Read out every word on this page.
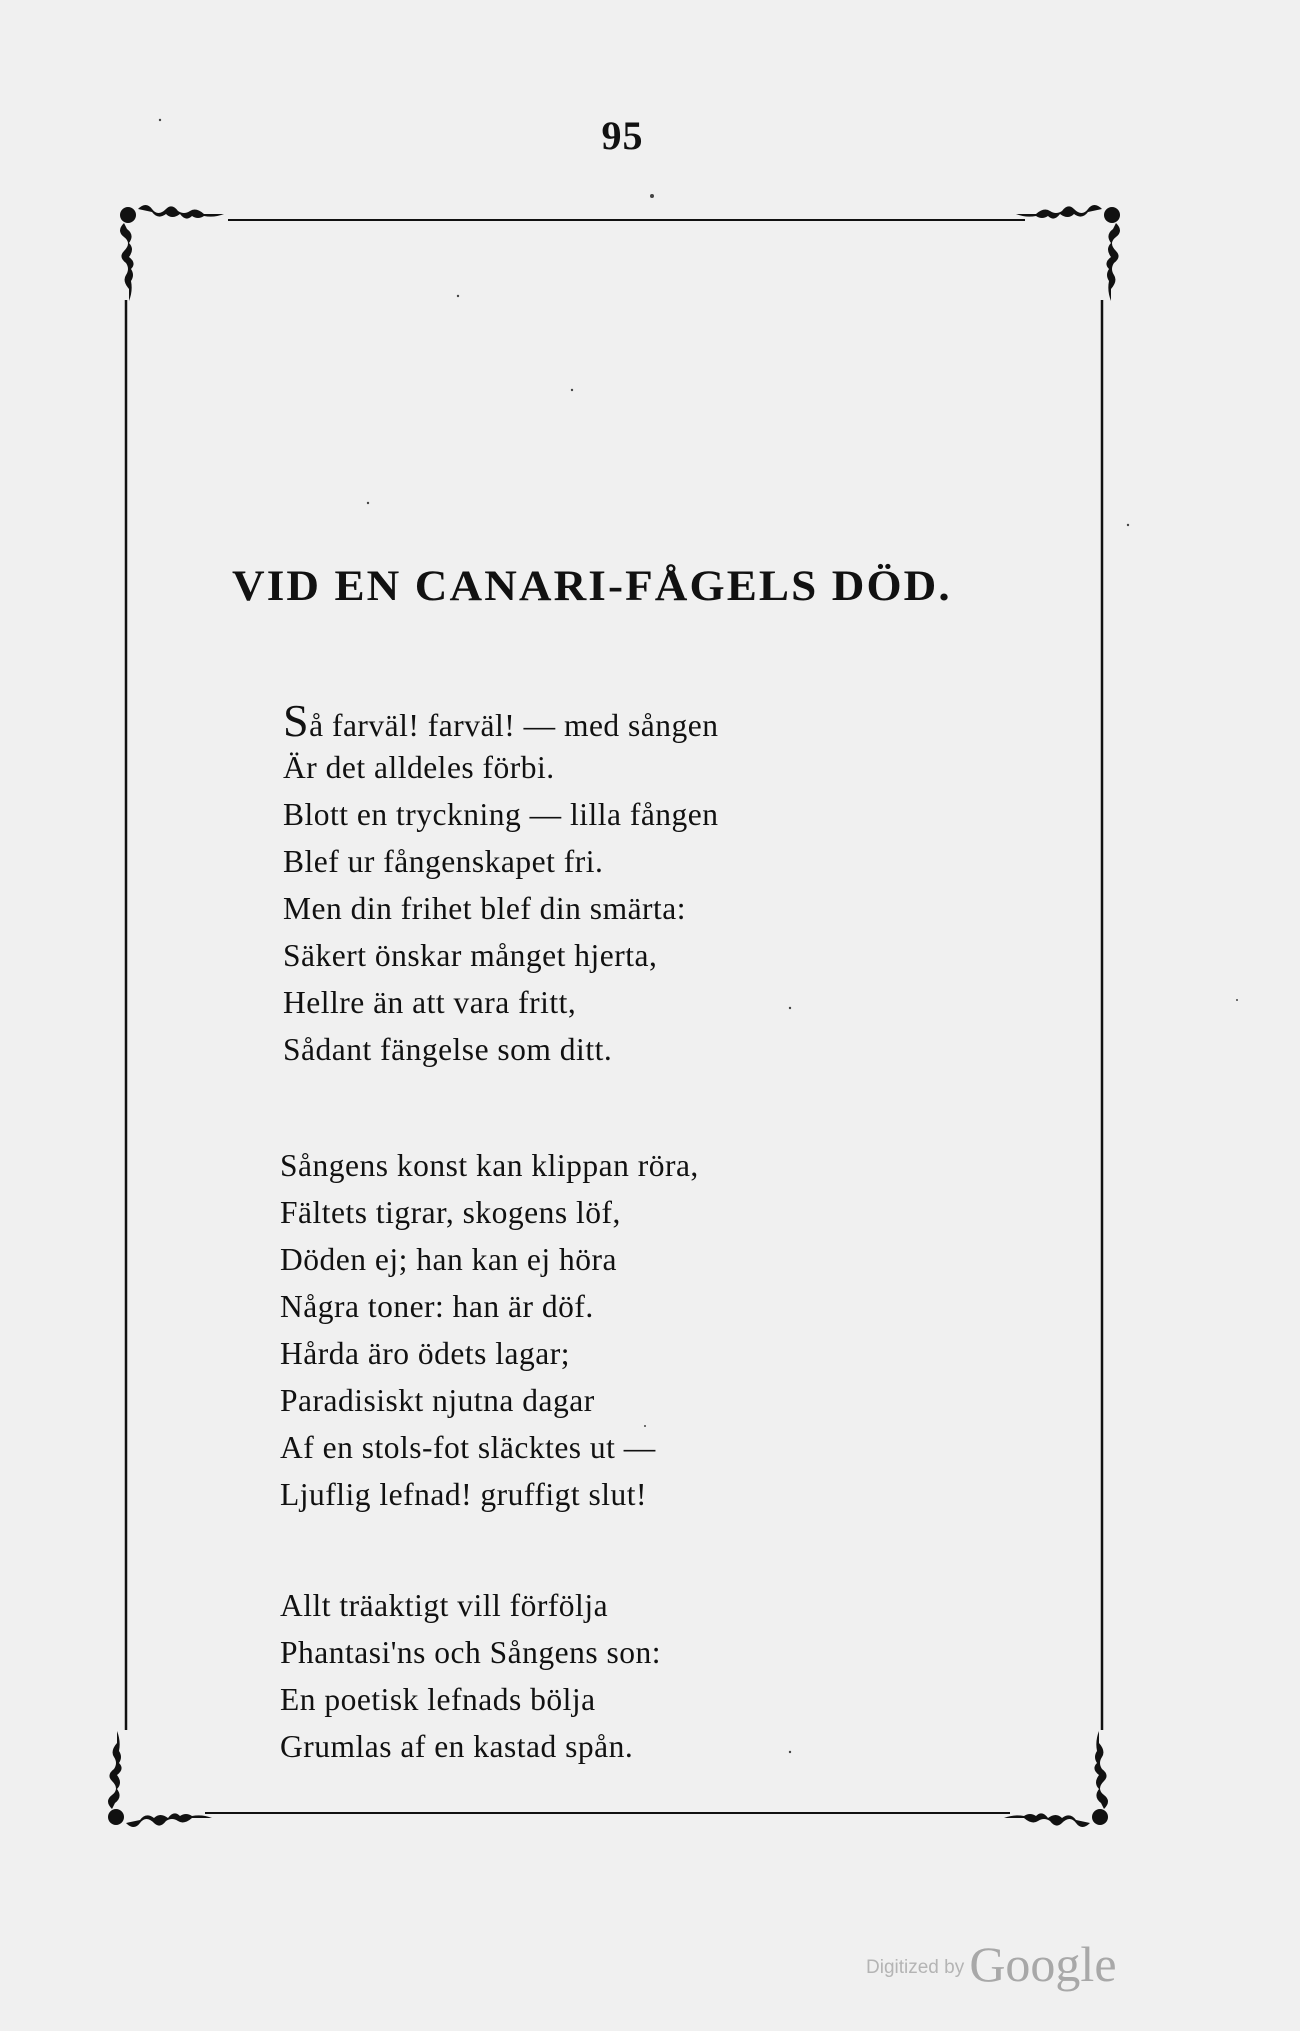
95
VID EN CANARI-FÅGELS DÖD.
Så farväl! farväl! — med sången
Är det alldeles förbi.
Blott en tryckning — lilla fången
Blef ur fångenskapet fri.
Men din frihet blef din smärta:
Säkert önskar månget hjerta,
Hellre än att vara fritt,
Sådant fängelse som ditt.
Sångens konst kan klippan röra,
Fältets tigrar, skogens löf,
Döden ej; han kan ej höra
Några toner: han är döf.
Hårda äro ödets lagar;
Paradisiskt njutna dagar
Af en stols-fot släcktes ut —
Ljuflig lefnad! gruffigt slut!
Allt träaktigt vill förfölja
Phantasi'ns och Sångens son:
En poetisk lefnads bölja
Grumlas af en kastad spån.
Digitized by Google
